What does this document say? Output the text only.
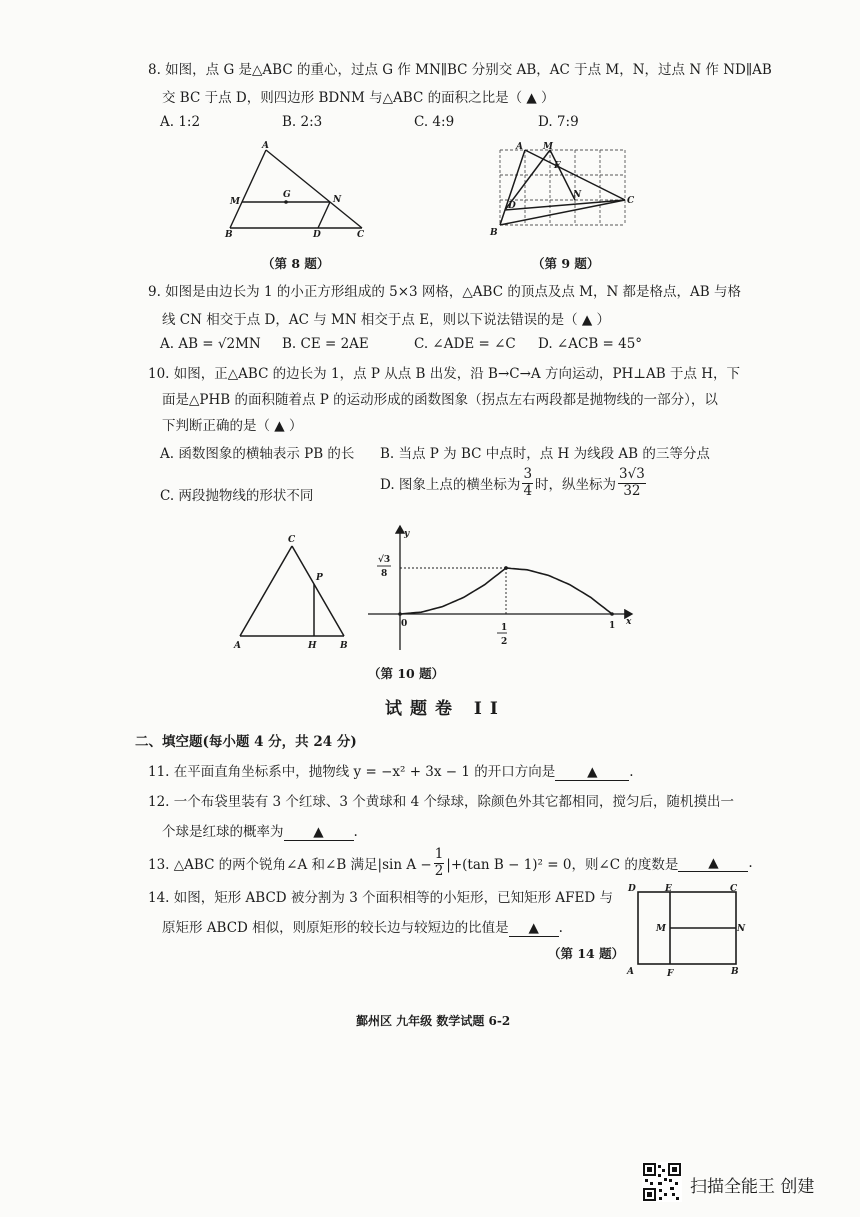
8. 如图，点 G 是△ABC 的重心，过点 G 作 MN∥BC 分别交 AB，AC 于点 M，N，过点 N 作 ND∥AB
交 BC 于点 D，则四边形 BDNM 与△ABC 的面积之比是（ ▲ ）
A. 1:2	B. 2:3	C. 4:9	D. 7:9
A
M
G	N
B	D	C
（第 8 题）
A M
E
D
N
C
B
（第 9 题）
9. 如图是由边长为 1 的小正方形组成的 5×3 网格，△ABC 的顶点及点 M，N 都是格点，AB 与格
线 CN 相交于点 D，AC 与 MN 相交于点 E，则以下说法错误的是（ ▲ ）
A. AB = √2MN B. CE = 2AE	C. ∠ADE = ∠C D. ∠ACB = 45°
10. 如图，正△ABC 的边长为 1，点 P 从点 B 出发，沿 B→C→A 方向运动，PH⊥AB 于点 H，下
面是△PHB 的面积随着点 P 的运动形成的函数图象（拐点左右两段都是抛物线的一部分），以
下判断正确的是（ ▲ ）
A. 函数图象的横轴表示 PB 的长 B. 当点 P 为 BC 中点时，点 H 为线段 AB 的三等分点
C. 两段抛物线的形状不同
D. 图象上点的横坐标为 $\frac{3}{4}$ 时，纵坐标为 $\frac{3√3}{32}$
C
P
A	H	B
y
x
0
√3
8
1
2
1
（第 10 题）
试题卷 II
二、填空题(每小题 4 分，共 24 分)
11. 在平面直角坐标系中，抛物线 y = −x² + 3x − 1 的开口方向是 ▲ .
12. 一个布袋里装有 3 个红球、3 个黄球和 4 个绿球，除颜色外其它都相同，搅匀后，随机摸出一
个球是红球的概率为 ▲ .
13. △ABC 的两个锐角∠A 和∠B 满足|sin $A - \frac{1}{2} |+(\tan$ B − 1)² = 0，则∠C 的度数是	▲	.
14. 如图，矩形 ABCD 被分割为 3 个面积相等的小矩形，已知矩形 AFED 与
原矩形 ABCD 相似，则原矩形的较长边与较短边的比值是 ▲ .
（第 14 题）
D	E	C
M	N
A	F	B
鄞州区 九年级 数学试题 6-2
扫描全能王 创建
